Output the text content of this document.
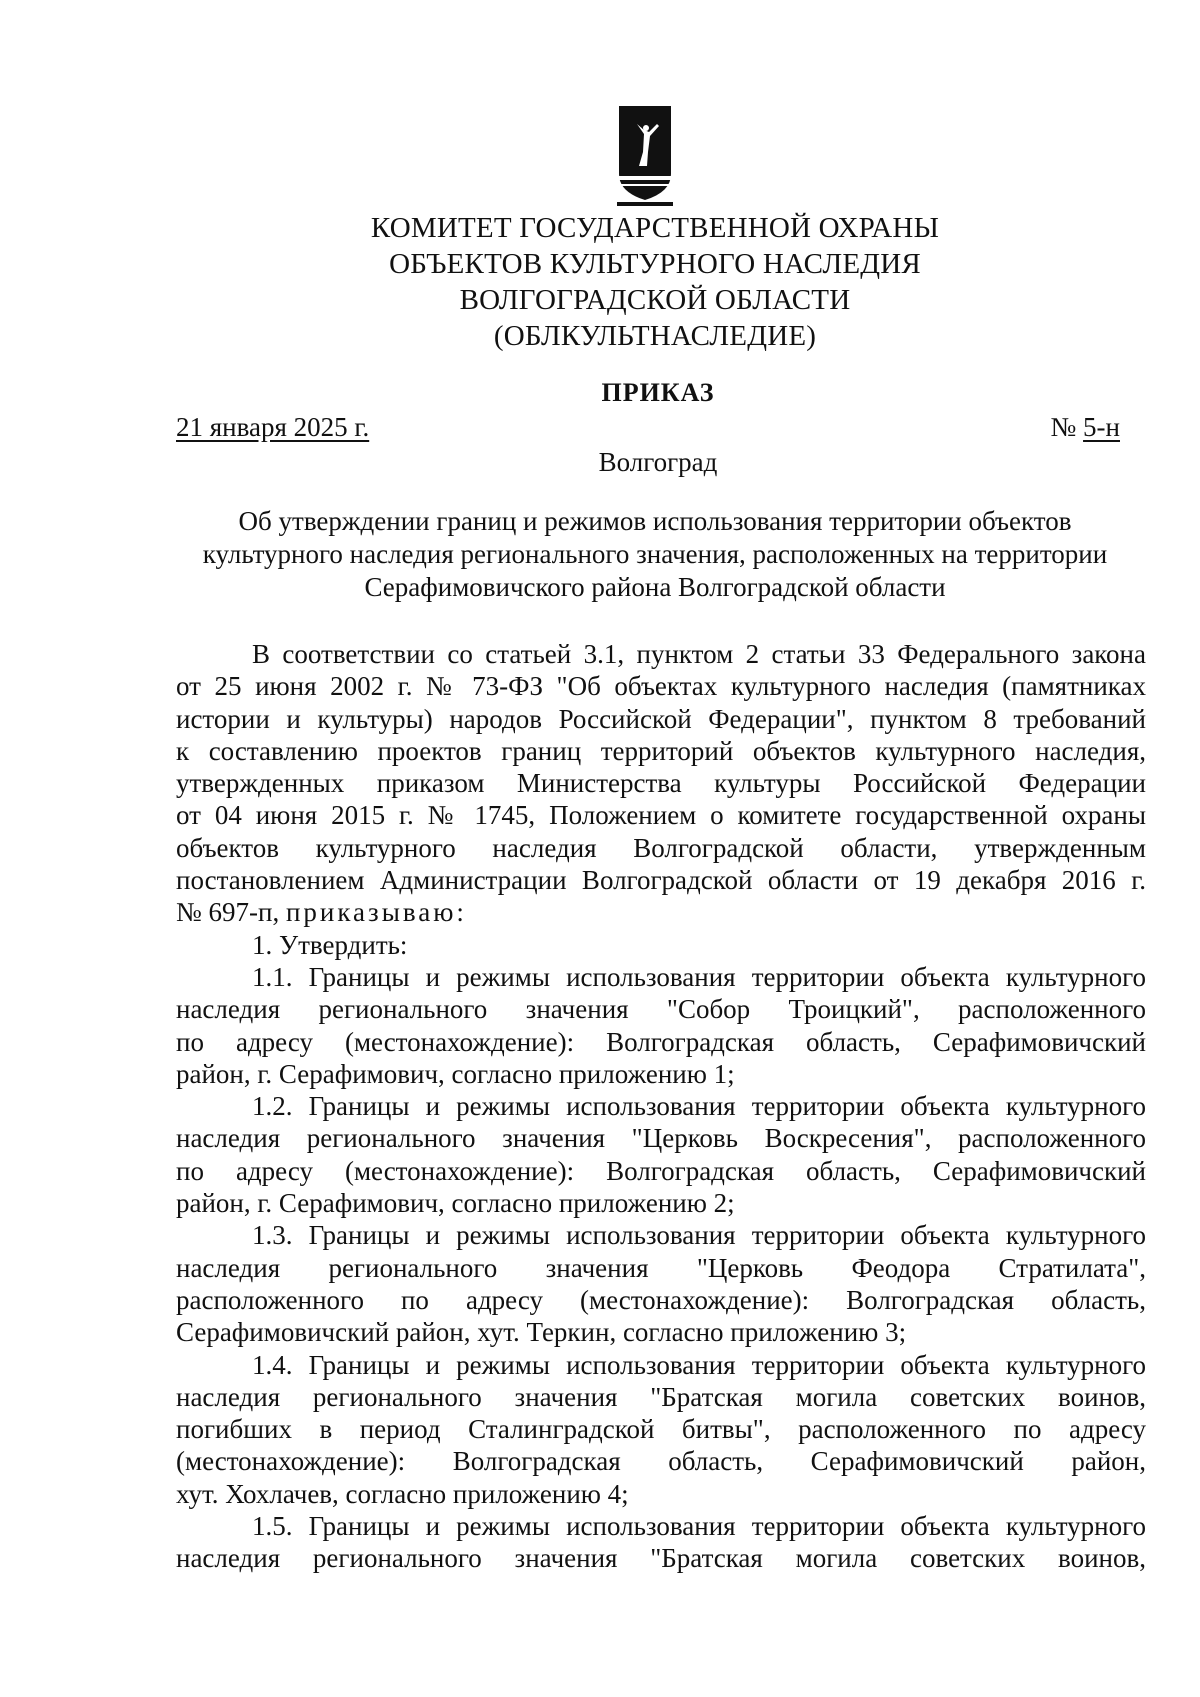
КОМИТЕТ ГОСУДАРСТВЕННОЙ ОХРАНЫ
ОБЪЕКТОВ КУЛЬТУРНОГО НАСЛЕДИЯ
ВОЛГОГРАДСКОЙ ОБЛАСТИ
(ОБЛКУЛЬТНАСЛЕДИЕ)
ПРИКАЗ
21 января 2025 г.	№ 5-н
Волгоград
Об утверждении границ и режимов использования территории объектов
культурного наследия регионального значения, расположенных на территории
Серафимовичского района Волгоградской области
В соответствии со статьей 3.1, пунктом 2 статьи 33 Федерального закона
от 25 июня 2002 г. № 73-ФЗ "Об объектах культурного наследия (памятниках
истории и культуры) народов Российской Федерации", пунктом 8 требований
к составлению проектов границ территорий объектов культурного наследия,
утвержденных приказом Министерства культуры Российской Федерации
от 04 июня 2015 г. № 1745, Положением о комитете государственной охраны
объектов культурного наследия Волгоградской области, утвержденным
постановлением Администрации Волгоградской области от 19 декабря 2016 г.
№ 697-п, приказываю:
1. Утвердить:
1.1. Границы и режимы использования территории объекта культурного
наследия регионального значения "Собор Троицкий", расположенного
по адресу (местонахождение): Волгоградская область, Серафимовичский
район, г. Серафимович, согласно приложению 1;
1.2. Границы и режимы использования территории объекта культурного
наследия регионального значения "Церковь Воскресения", расположенного
по адресу (местонахождение): Волгоградская область, Серафимовичский
район, г. Серафимович, согласно приложению 2;
1.3. Границы и режимы использования территории объекта культурного
наследия регионального значения "Церковь Феодора Стратилата",
расположенного по адресу (местонахождение): Волгоградская область,
Серафимовичский район, хут. Теркин, согласно приложению 3;
1.4. Границы и режимы использования территории объекта культурного
наследия регионального значения "Братская могила советских воинов,
погибших в период Сталинградской битвы", расположенного по адресу
(местонахождение): Волгоградская область, Серафимовичский район,
хут. Хохлачев, согласно приложению 4;
1.5. Границы и режимы использования территории объекта культурного
наследия регионального значения "Братская могила советских воинов,
